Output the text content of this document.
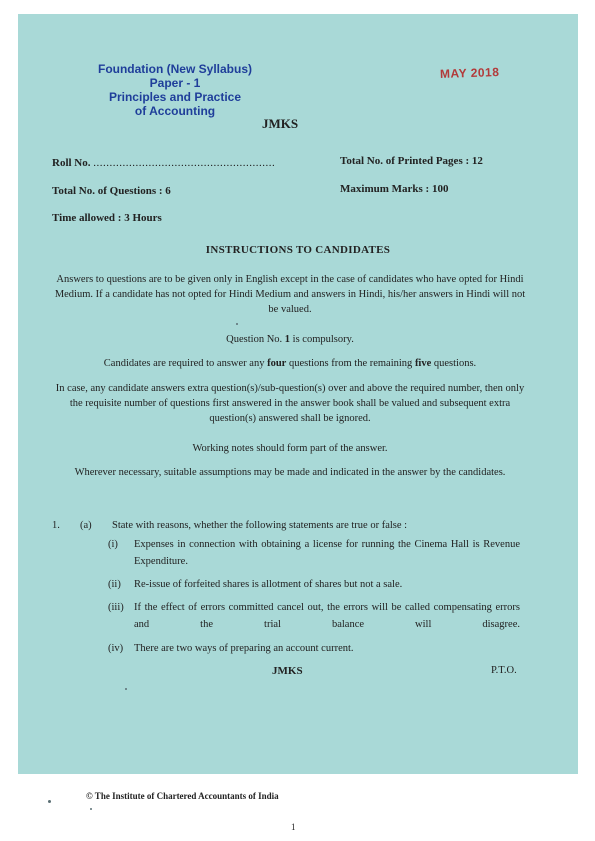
Foundation (New Syllabus)
Paper - 1
Principles and Practice
of Accounting
JMKS
MAY 2018
Roll No. ........................................................	Total No. of Printed Pages : 12
Total No. of Questions : 6	Maximum Marks : 100
Time allowed : 3 Hours
INSTRUCTIONS TO CANDIDATES
Answers to questions are to be given only in English except in the case of candidates who have opted for Hindi Medium. If a candidate has not opted for Hindi Medium and answers in Hindi, his/her answers in Hindi will not be valued.
Question No. 1 is compulsory.
Candidates are required to answer any four questions from the remaining five questions.
In case, any candidate answers extra question(s)/sub-question(s) over and above the required number, then only the requisite number of questions first answered in the answer book shall be valued and subsequent extra question(s) answered shall be ignored.
Working notes should form part of the answer.
Wherever necessary, suitable assumptions may be made and indicated in the answer by the candidates.
1. (a) State with reasons, whether the following statements are true or false :
(i)	Expenses in connection with obtaining a license for running the Cinema Hall is Revenue Expenditure.
(ii)	Re-issue of forfeited shares is allotment of shares but not a sale.
(iii) If the effect of errors committed cancel out, the errors will be called compensating errors and the trial balance will disagree.
(iv)	There are two ways of preparing an account current.
JMKS	P.T.O.
© The Institute of Chartered Accountants of India
1
